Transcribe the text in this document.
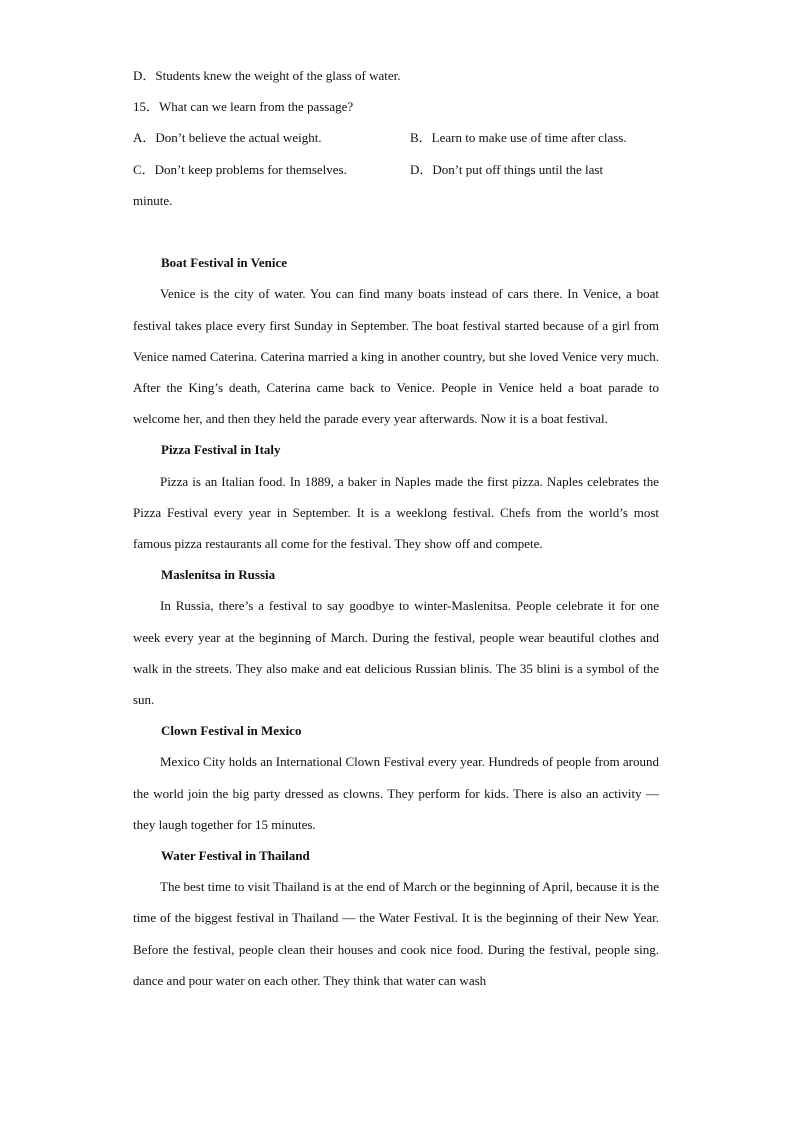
D．Students knew the weight of the glass of water.

15．What can we learn from the passage?

A．Don’t believe the actual weight.	B．Learn to make use of time after class.
C．Don’t keep problems for themselves.	D．Don’t put off things until the last

minute.

Boat Festival in Venice

Venice is the city of water. You can find many boats instead of cars there. In Venice, a boat festival takes place every first Sunday in September. The boat festival started because of a girl from Venice named Caterina. Caterina married a king in another country, but she loved Venice very much. After the King’s death, Caterina came back to Venice. People in Venice held a boat parade to welcome her, and then they held the parade every year afterwards. Now it is a boat festival.

Pizza Festival in Italy

Pizza is an Italian food. In 1889, a baker in Naples made the first pizza. Naples celebrates the Pizza Festival every year in September. It is a weeklong festival. Chefs from the world’s most famous pizza restaurants all come for the festival. They show off and compete.

Maslenitsa in Russia

In Russia, there’s a festival to say goodbye to winter-Maslenitsa. People celebrate it for one week every year at the beginning of March. During the festival, people wear beautiful clothes and walk in the streets. They also make and eat delicious Russian blinis. The 35 blini is a symbol of the sun.

Clown Festival in Mexico

Mexico City holds an International Clown Festival every year. Hundreds of people from around the world join the big party dressed as clowns. They perform for kids. There is also an activity — they laugh together for 15 minutes.

Water Festival in Thailand

The best time to visit Thailand is at the end of March or the beginning of April, because it is the time of the biggest festival in Thailand — the Water Festival. It is the beginning of their New Year. Before the festival, people clean their houses and cook nice food. During the festival, people sing. dance and pour water on each other. They think that water can wash
